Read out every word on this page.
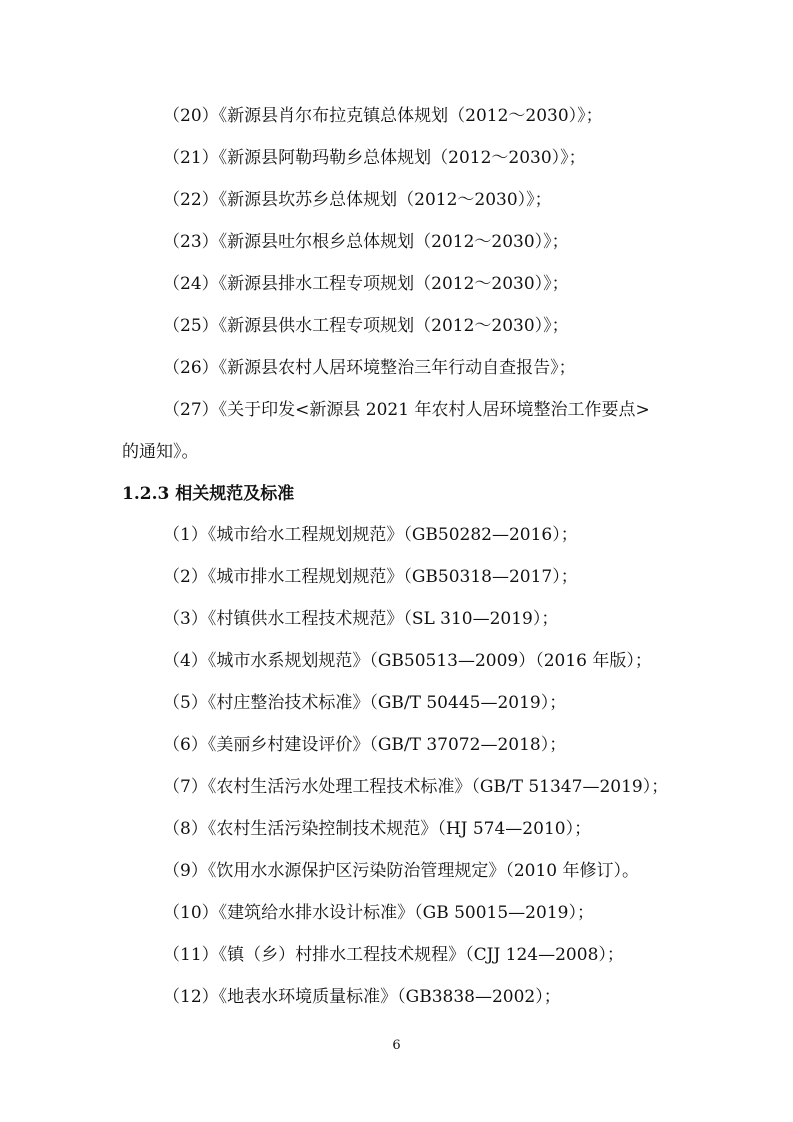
（20）《新源县肖尔布拉克镇总体规划（2012～2030）》；
（21）《新源县阿勒玛勒乡总体规划（2012～2030）》；
（22）《新源县坎苏乡总体规划（2012～2030）》；
（23）《新源县吐尔根乡总体规划（2012～2030）》；
（24）《新源县排水工程专项规划（2012～2030）》；
（25）《新源县供水工程专项规划（2012～2030）》；
（26）《新源县农村人居环境整治三年行动自查报告》；
（27）《关于印发<新源县 2021 年农村人居环境整治工作要点>
的通知》。
1.2.3 相关规范及标准
（1）《城市给水工程规划规范》（GB50282—2016）；
（2）《城市排水工程规划规范》（GB50318—2017）；
（3）《村镇供水工程技术规范》（SL 310—2019）；
（4）《城市水系规划规范》（GB50513—2009）（2016 年版）；
（5）《村庄整治技术标准》（GB/T 50445—2019）；
（6）《美丽乡村建设评价》（GB/T 37072—2018）；
（7）《农村生活污水处理工程技术标准》（GB/T 51347—2019）；
（8）《农村生活污染控制技术规范》（HJ 574—2010）；
（9）《饮用水水源保护区污染防治管理规定》（2010 年修订）。
（10）《建筑给水排水设计标准》（GB 50015—2019）；
（11）《镇（乡）村排水工程技术规程》（CJJ 124—2008）；
（12）《地表水环境质量标准》（GB3838—2002）；
6
